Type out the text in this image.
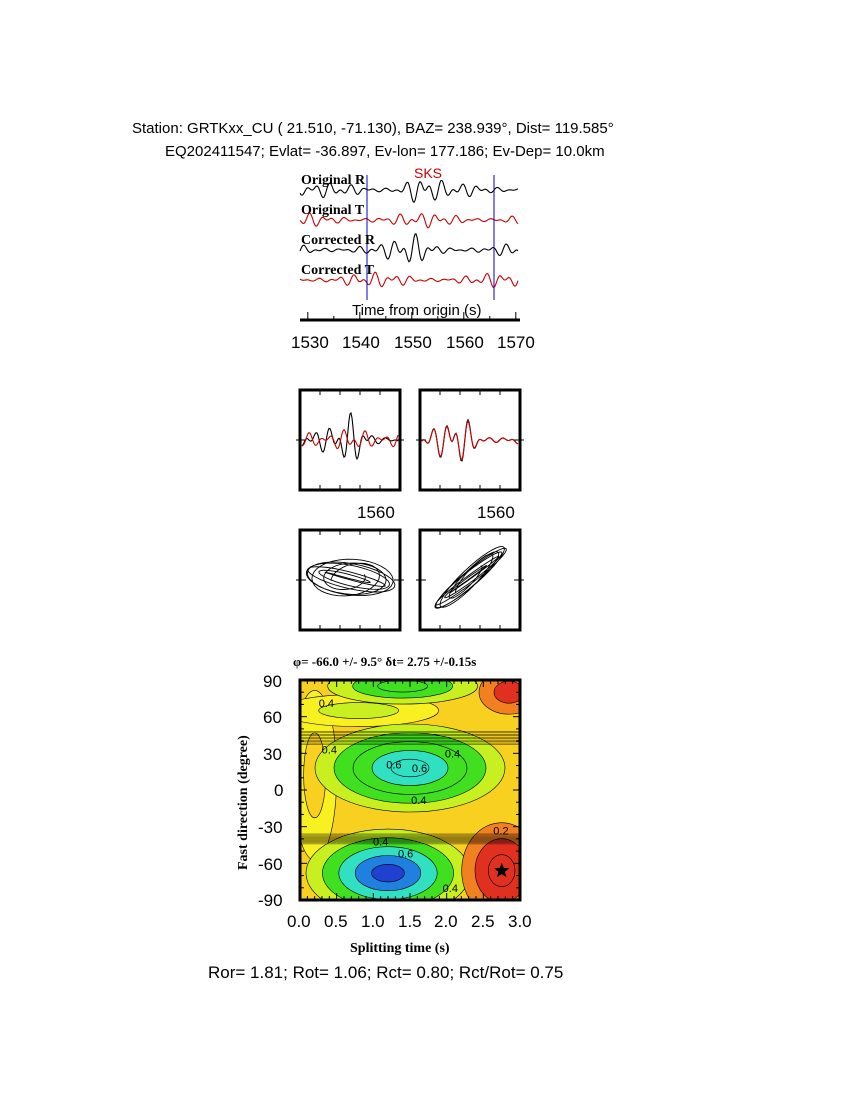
Station: GRTKxx_CU ( 21.510, -71.130), BAZ= 238.939°, Dist= 119.585°
EQ202411547; Evlat= -36.897, Ev-lon= 177.186; Ev-Dep= 10.0km
0.4
0.4
0.6 0.6
0.4
0.4
0.4
0.6
0.4
0.2
SKS
Original R
Original T
Corrected R
Corrected T
Time from origin (s)
1530 1540 1550 1560 1570
1560	1560
φ= -66.0 +/- 9.5° δt= 2.75 +/-0.15s
90
60
30
0
-30
-60
-90
0.0 0.5 1.0 1.5 2.0 2.5 3.0
Splitting time (s)
Fast direction (degree)
Ror= 1.81; Rot= 1.06; Rct= 0.80; Rct/Rot= 0.75
